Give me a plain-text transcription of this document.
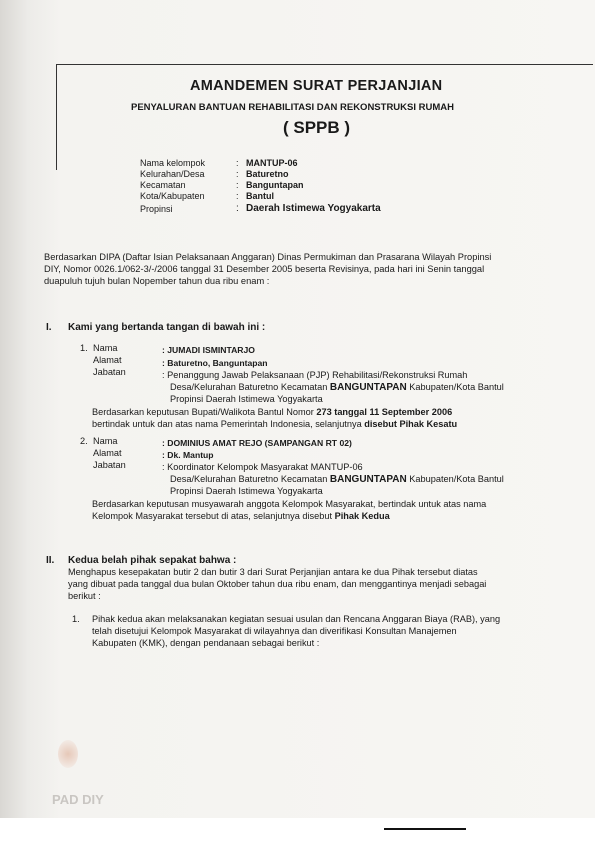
AMANDEMEN SURAT PERJANJIAN
PENYALURAN BANTUAN REHABILITASI DAN REKONSTRUKSI RUMAH
( SPPB )
Nama kelompok	: MANTUP-06
Kelurahan/Desa	: Baturetno
Kecamatan	: Banguntapan
Kota/Kabupaten	: Bantul
Propinsi	: Daerah Istimewa Yogyakarta
Berdasarkan DIPA (Daftar Isian Pelaksanaan Anggaran) Dinas Permukiman dan Prasarana Wilayah Propinsi
DIY, Nomor 0026.1/062-3/-/2006 tanggal 31 Desember 2005 beserta Revisinya, pada hari ini Senin tanggal
duapuluh tujuh bulan Nopember tahun dua ribu enam :
I. Kami yang bertanda tangan di bawah ini :
1. Nama	: JUMADI ISMINTARJO
Alamat	: Baturetno, Banguntapan
Jabatan	: Penanggung Jawab Pelaksanaan (PJP) Rehabilitasi/Rekonstruksi Rumah
Desa/Kelurahan Baturetno Kecamatan BANGUNTAPAN Kabupaten/Kota Bantul
Propinsi Daerah Istimewa Yogyakarta
Berdasarkan keputusan Bupati/Walikota Bantul Nomor 273 tanggal 11 September 2006
bertindak untuk dan atas nama Pemerintah Indonesia, selanjutnya disebut Pihak Kesatu
2. Nama	: DOMINIUS AMAT REJO (SAMPANGAN RT 02)
Alamat	: Dk. Mantup
Jabatan	: Koordinator Kelompok Masyarakat MANTUP-06
Desa/Kelurahan Baturetno Kecamatan BANGUNTAPAN Kabupaten/Kota Bantul
Propinsi Daerah Istimewa Yogyakarta
Berdasarkan keputusan musyawarah anggota Kelompok Masyarakat, bertindak untuk atas nama
Kelompok Masyarakat tersebut di atas, selanjutnya disebut Pihak Kedua
II. Kedua belah pihak sepakat bahwa :
Menghapus kesepakatan butir 2 dan butir 3 dari Surat Perjanjian antara ke dua Pihak tersebut diatas
yang dibuat pada tanggal dua bulan Oktober tahun dua ribu enam, dan menggantinya menjadi sebagai
berikut :
1. Pihak kedua akan melaksanakan kegiatan sesuai usulan dan Rencana Anggaran Biaya (RAB), yang
telah disetujui Kelompok Masyarakat di wilayahnya dan diverifikasi Konsultan Manajemen
Kabupaten (KMK), dengan pendanaan sebagai berikut :
PAD DIY
